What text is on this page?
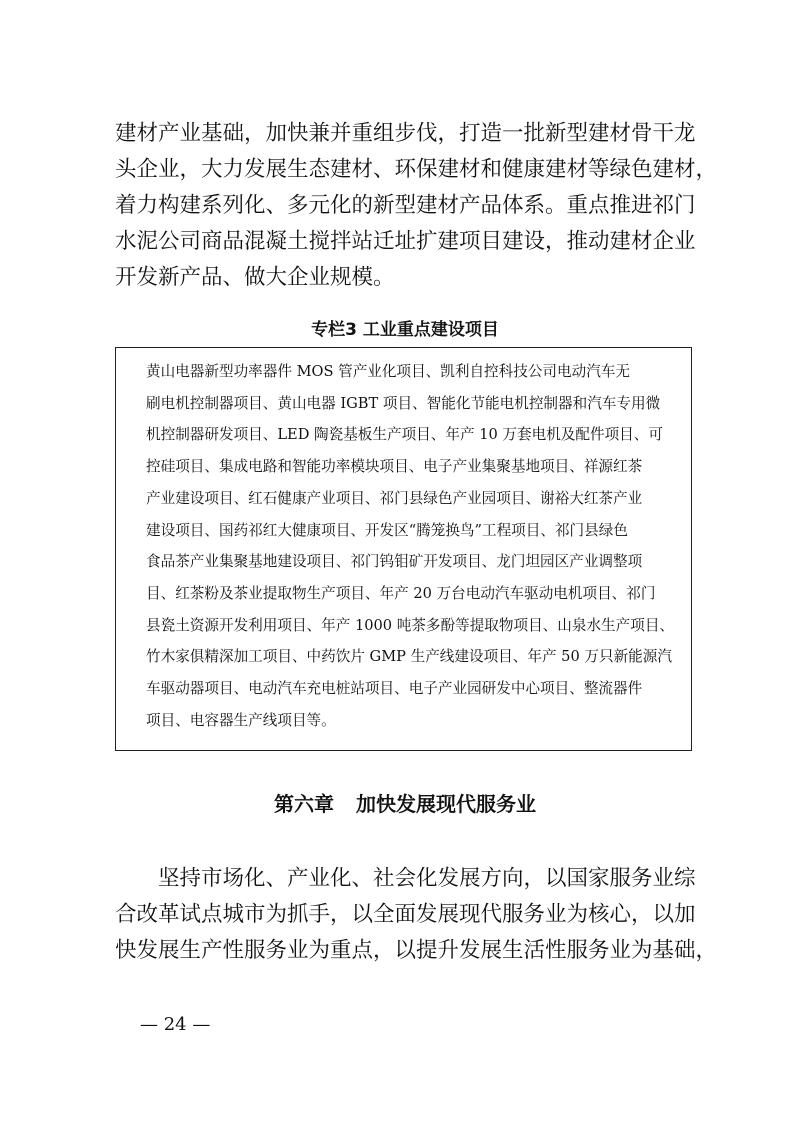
建材产业基础，加快兼并重组步伐，打造一批新型建材骨干龙
头企业，大力发展生态建材、环保建材和健康建材等绿色建材，
着力构建系列化、多元化的新型建材产品体系。重点推进祁门
水泥公司商品混凝土搅拌站迁址扩建项目建设，推动建材企业
开发新产品、做大企业规模。

专栏3 工业重点建设项目

黄山电器新型功率器件 MOS 管产业化项目、凯利自控科技公司电动汽车无
刷电机控制器项目、黄山电器 IGBT 项目、智能化节能电机控制器和汽车专用微
机控制器研发项目、LED 陶瓷基板生产项目、年产 10 万套电机及配件项目、可
控硅项目、集成电路和智能功率模块项目、电子产业集聚基地项目、祥源红茶
产业建设项目、红石健康产业项目、祁门县绿色产业园项目、谢裕大红茶产业
建设项目、国药祁红大健康项目、开发区“腾笼换鸟”工程项目、祁门县绿色
食品茶产业集聚基地建设项目、祁门钨钼矿开发项目、龙门坦园区产业调整项
目、红茶粉及茶业提取物生产项目、年产 20 万台电动汽车驱动电机项目、祁门
县瓷土资源开发利用项目、年产 1000 吨茶多酚等提取物项目、山泉水生产项目、
竹木家俱精深加工项目、中药饮片 GMP 生产线建设项目、年产 50 万只新能源汽
车驱动器项目、电动汽车充电桩站项目、电子产业园研发中心项目、整流器件
项目、电容器生产线项目等。

第六章 加快发展现代服务业

坚持市场化、产业化、社会化发展方向，以国家服务业综
合改革试点城市为抓手，以全面发展现代服务业为核心，以加
快发展生产性服务业为重点，以提升发展生活性服务业为基础，

— 24 —
